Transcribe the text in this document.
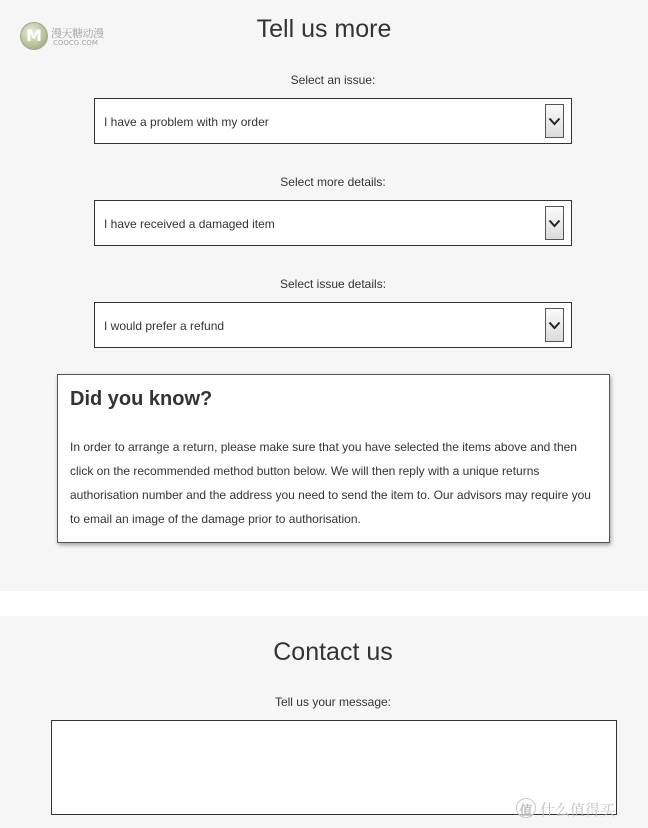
M 漫天糖动漫
COOCG.COM	Tell us more
Select an issue:
I have a problem with my order
Select more details:
I have received a damaged item
Select issue details:
I would prefer a refund
Did you know?
In order to arrange a return, please make sure that you have selected the items above and then
click on the recommended method button below. We will then reply with a unique returns
authorisation number and the address you need to send the item to. Our advisors may require you
to email an image of the damage prior to authorisation.
Contact us
Tell us your message:
值 什么值得买
